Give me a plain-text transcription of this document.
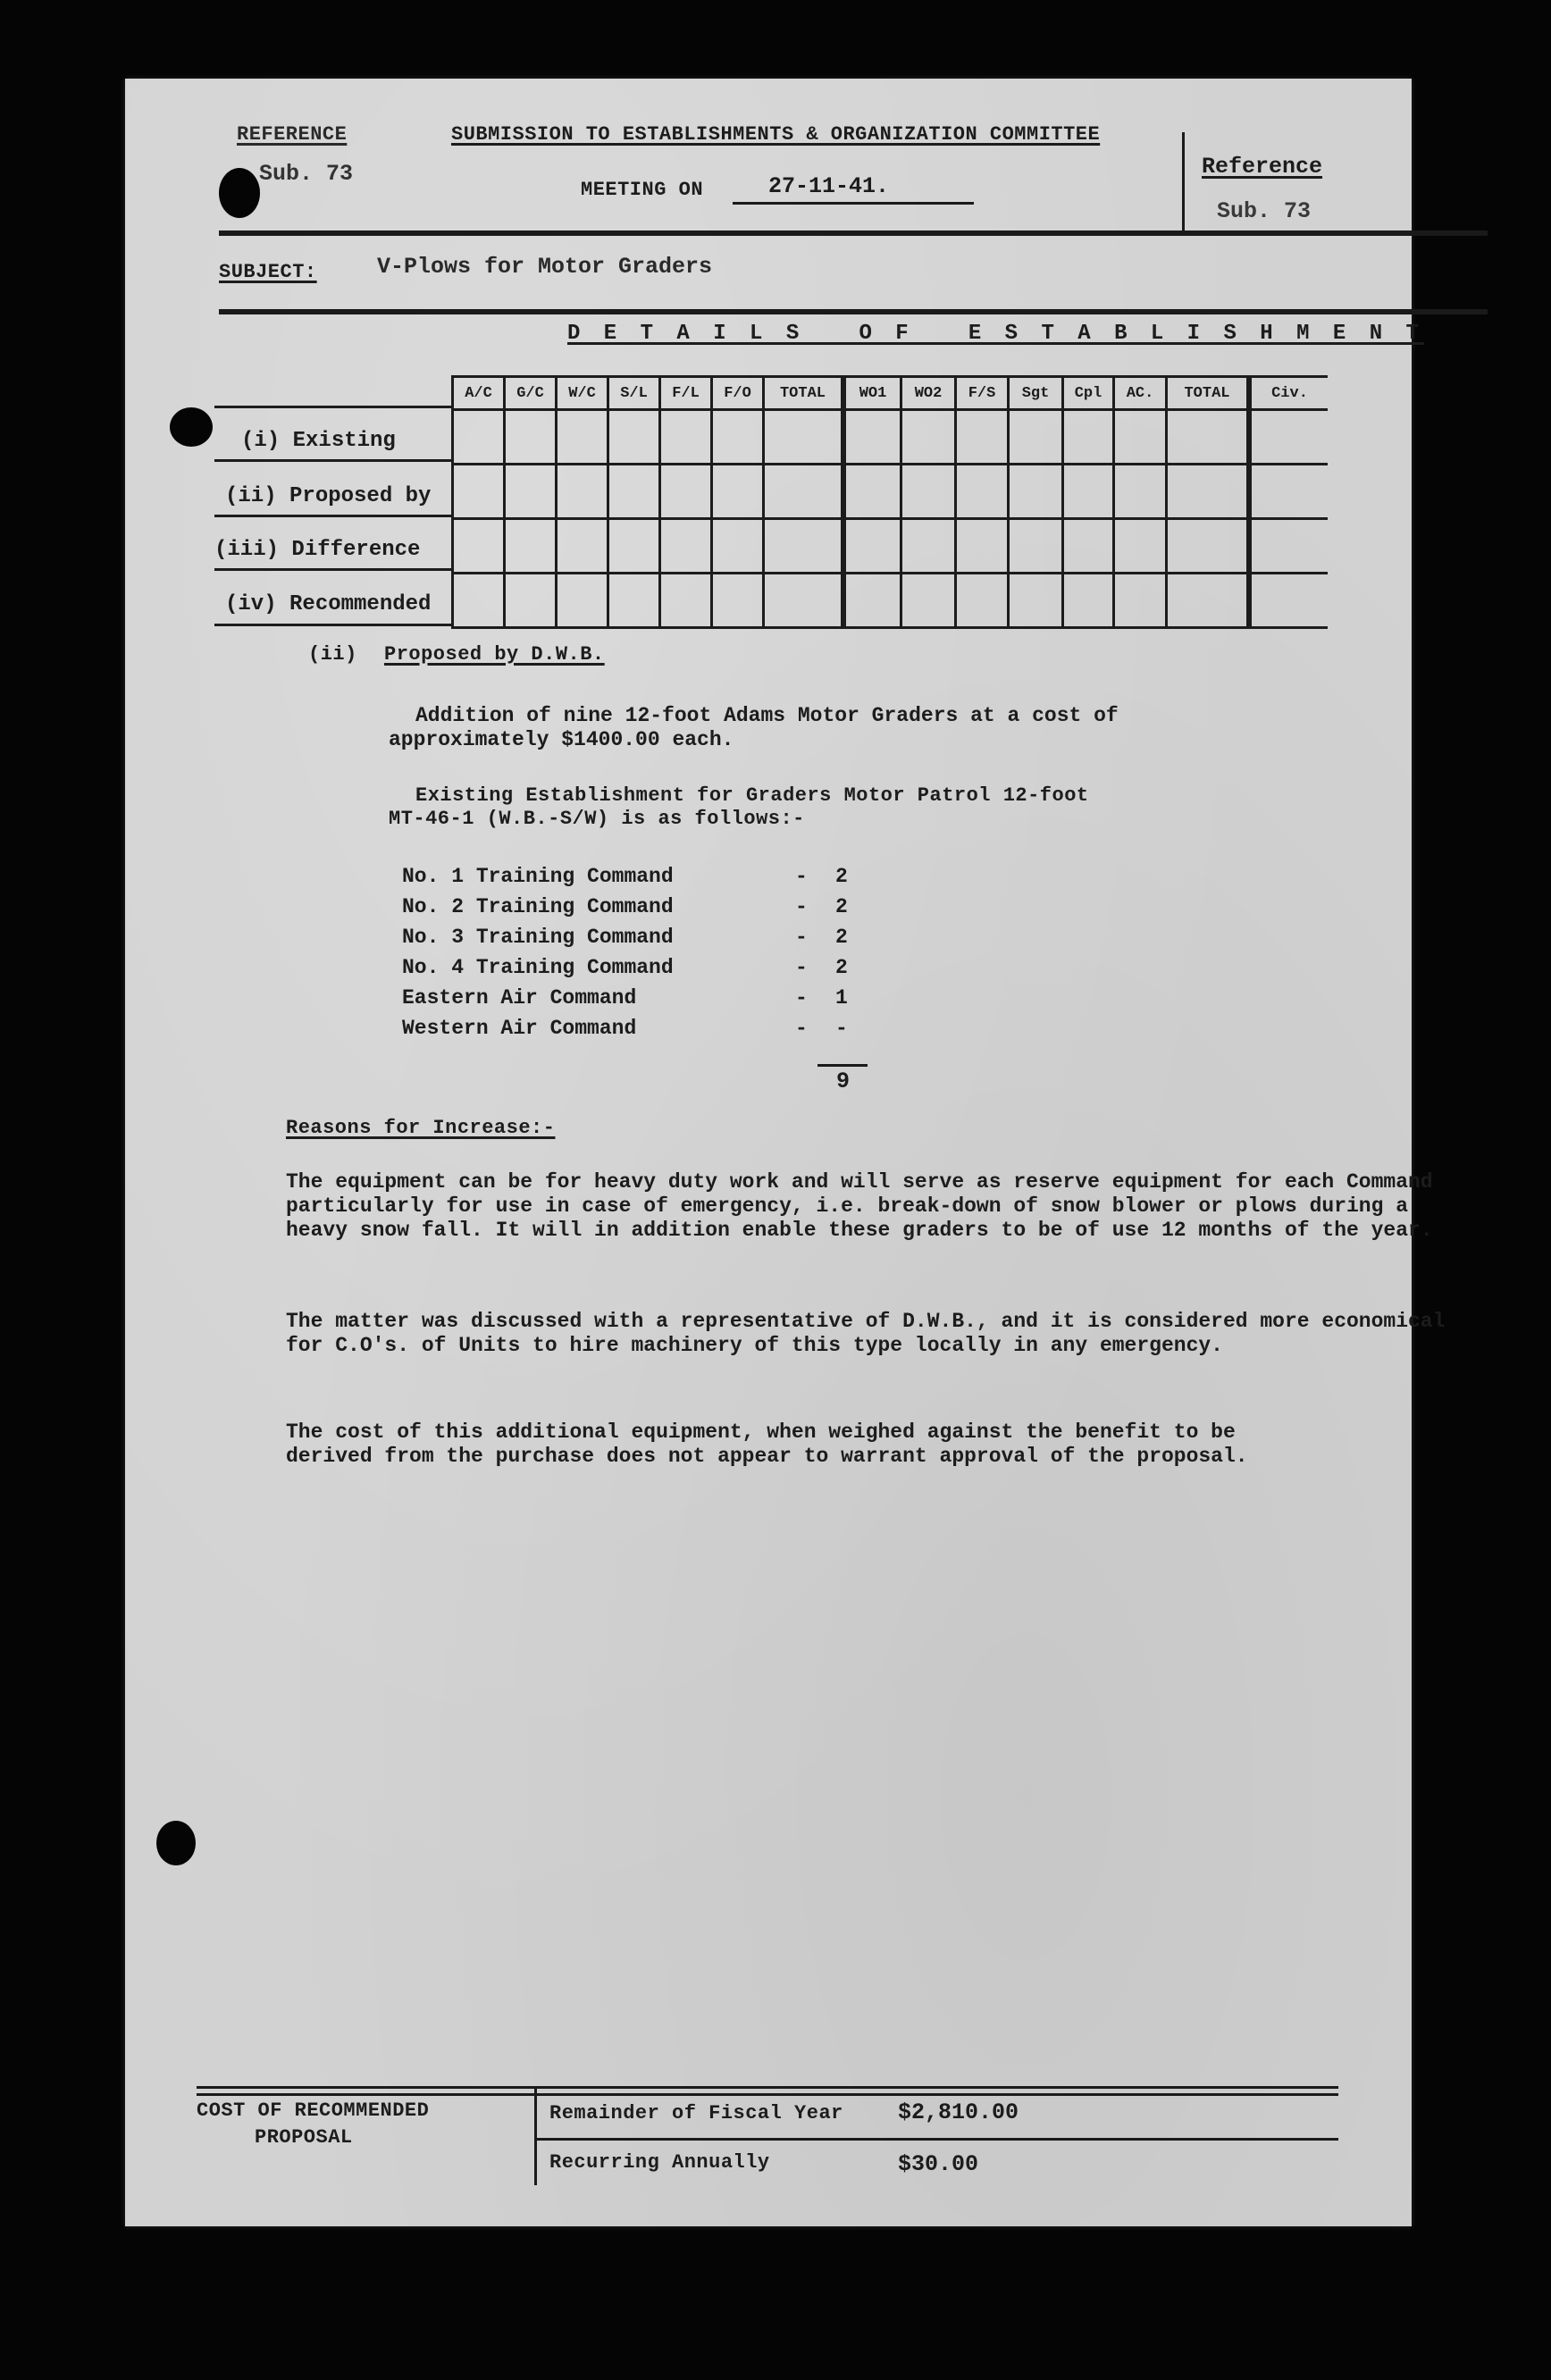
REFERENCE
Sub. 73
SUBMISSION TO ESTABLISHMENTS & ORGANIZATION COMMITTEE
MEETING ON	27-11-41.
Reference
Sub. 73
SUBJECT:	V-Plows for Motor Graders
D E T A I L S   O F   E S T A B L I S H M E N T
A/C	G/C	W/C	S/L	F/L	F/O	TOTAL	WO1	WO2	F/S	Sgt	Cpl	AC.	TOTAL	Civ.

(i) Existing
(ii) Proposed by
(iii) Difference
(iv) Recommended
(ii) Proposed by D.W.B.
Addition of nine 12-foot Adams Motor Graders at a cost of approximately $1400.00 each.
Existing Establishment for Graders Motor Patrol 12-foot
MT-46-1 (W.B.-S/W) is as follows:-
No. 1 Training Command	- 2
No. 2 Training Command	- 2
No. 3 Training Command	- 2
No. 4 Training Command	- 2
Eastern Air Command	- 1
Western Air Command	- -
9
Reasons for Increase:-
The equipment can be for heavy duty work and will serve as reserve equipment for each Command particularly for use in case of emergency, i.e. break-down of snow blower or plows during a heavy snow fall. It will in addition enable these graders to be of use 12 months of the year.
The matter was discussed with a representative of D.W.B., and it is considered more economical for C.O's. of Units to hire machinery of this type locally in any emergency.
The cost of this additional equipment, when weighed against the benefit to be derived from the purchase does not appear to warrant approval of the proposal.
COST OF RECOMMENDED
PROPOSAL
Remainder of Fiscal Year $2,810.00
Recurring Annually	$30.00
